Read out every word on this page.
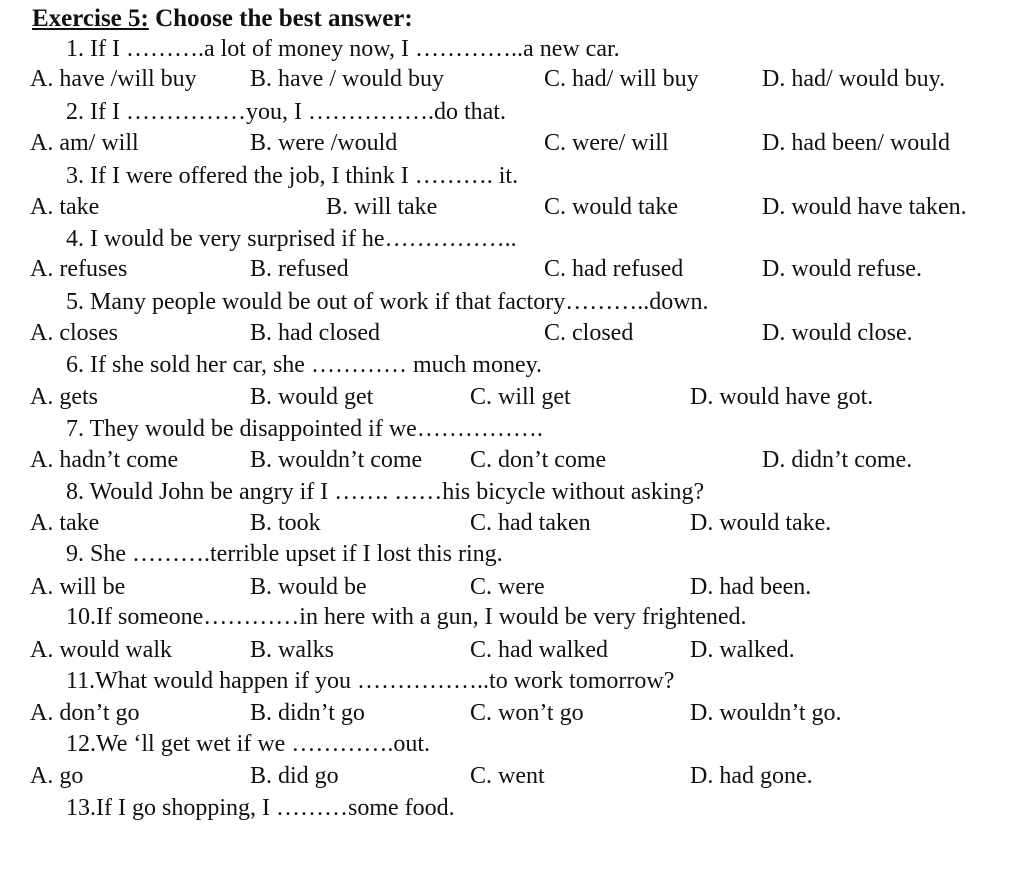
Exercise 5: Choose the best answer:
1. If I ……….a lot of money now, I …………..a new car.
A. have /will buy B. have / would buy	C. had/ will buy	D. had/ would buy.
2. If I ……………you, I …………….do that.
A. am/ will	B. were /would	C. were/ will	D. had been/ would
3. If I were offered the job, I think I ………. it.
A. take	B. will take	C. would take	D. would have taken.
4. I would be very surprised if he……………..
A. refuses	B. refused	C. had refused	D. would refuse.
5. Many people would be out of work if that factory………..down.
A. closes	B. had closed	C. closed	D. would close.
6. If she sold her car, she ………… much money.
A. gets	B. would get	C. will get	D. would have got.
7. They would be disappointed if we…………….
A. hadn’t come	B. wouldn’t come C. don’t come	D. didn’t come.
8. Would John be angry if I ……. ……his bicycle without asking?
A. take	B. took	C. had taken	D. would take.
9. She ……….terrible upset if I lost this ring.
A. will be	B. would be	C. were	D. had been.
10.If someone…………in here with a gun, I would be very frightened.
A. would walk	B. walks	C. had walked	D. walked.
11.What would happen if you ……………..to work tomorrow?
A. don’t go	B. didn’t go	C. won’t go	D. wouldn’t go.
12.We ‘ll get wet if we ………….out.
A. go	B. did go	C. went	D. had gone.
13.If I go shopping, I ………some food.
